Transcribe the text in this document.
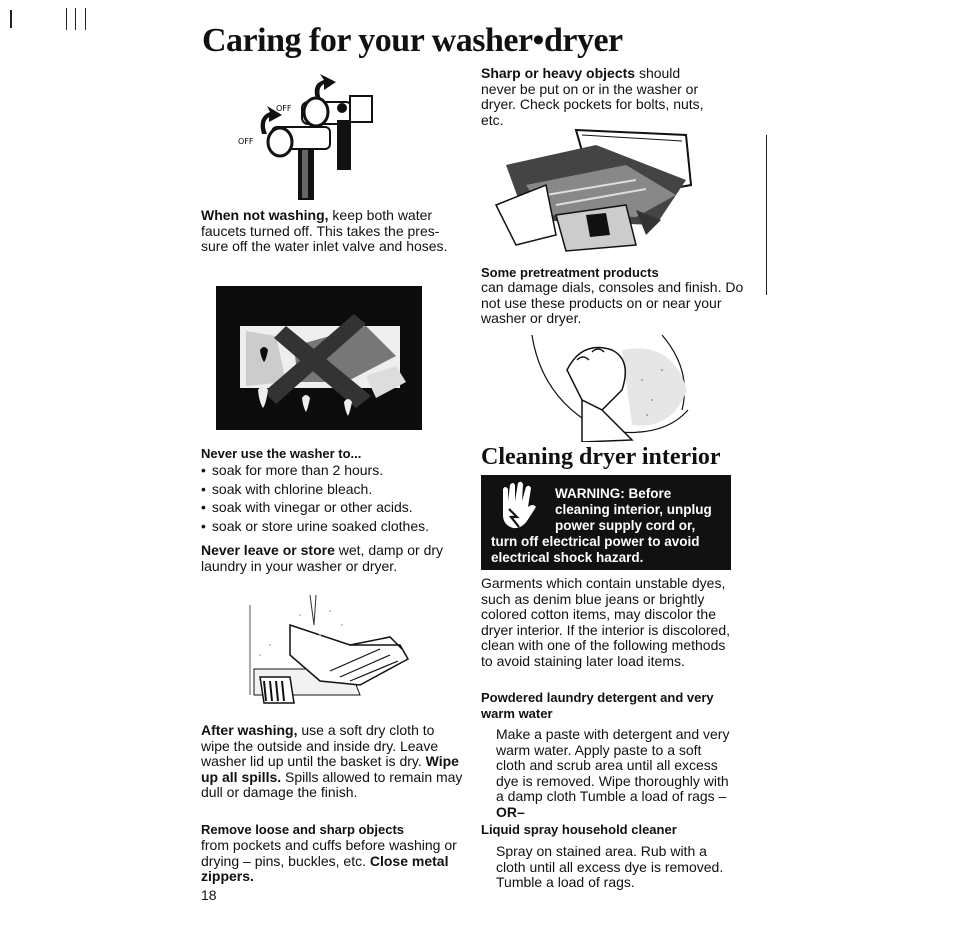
Caring for your washer•dryer
OFF
OFF
When not washing, keep both water faucets turned off. This takes the pres-sure off the water inlet valve and hoses.
Never use the washer to...
• soak for more than 2 hours.
• soak with chlorine bleach.
• soak with vinegar or other acids.
• soak or store urine soaked clothes.
Never leave or store wet, damp or dry laundry in your washer or dryer.
After washing, use a soft dry cloth to wipe the outside and inside dry. Leave washer lid up until the basket is dry. Wipe up all spills. Spills allowed to remain may dull or damage the finish.
Remove loose and sharp objects
from pockets and cuffs before washing or drying – pins, buckles, etc. Close metal zippers.
18
Sharp or heavy objects should never be put on or in the washer or dryer. Check pockets for bolts, nuts, etc.
Some pretreatment products
can damage dials, consoles and finish. Do not use these products on or near your washer or dryer.
Cleaning dryer interior
WARNING: Before
cleaning interior, unplug
power supply cord or,
turn off electrical power to avoid
electrical shock hazard.
Garments which contain unstable dyes, such as denim blue jeans or brightly colored cotton items, may discolor the dryer interior. If the interior is discolored, clean with one of the following methods to avoid staining later load items.
Powdered laundry detergent and very warm water
Make a paste with detergent and very warm water. Apply paste to a soft cloth and scrub area until all excess dye is removed. Wipe thoroughly with a damp cloth Tumble a load of rags – OR–
Liquid spray household cleaner
Spray on stained area. Rub with a cloth until all excess dye is removed. Tumble a load of rags.
